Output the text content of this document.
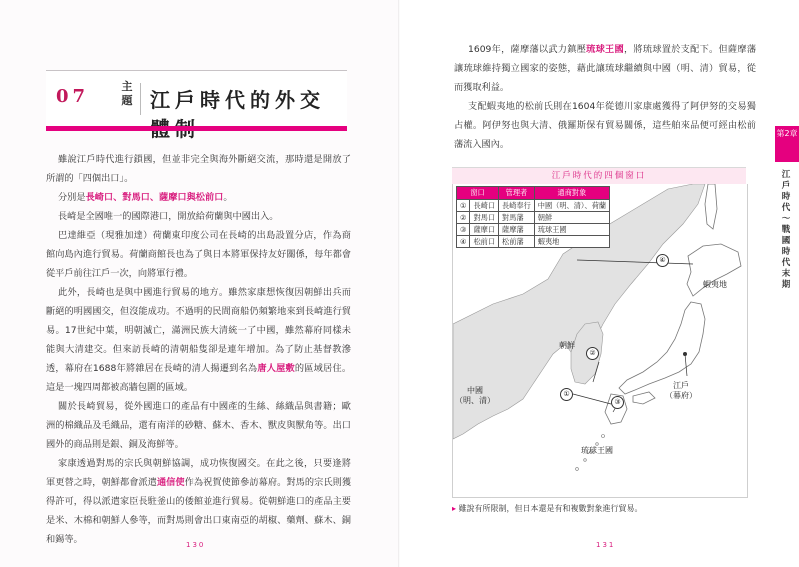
07	主題 江戶時代的外交

雖說江戶時代進行鎖國，但並非完全與海外斷絕交流，那時還是開放了所謂的「四個出口」。

分別是長崎口、對馬口、薩摩口與松前口。

長崎是全國唯一的國際港口，開放給荷蘭與中國出入。

巴達維亞（現雅加達）荷蘭東印度公司在長崎的出島設置分店，作為商館向島內進行貿易。荷蘭商館長也為了與日本將軍保持友好關係，每年都會從平戶前往江戶一次，向將軍行禮。

此外，長崎也是與中國進行貿易的地方。雖然家康想恢復因朝鮮出兵而斷絕的明國國交，但沒能成功。不過明的民間商船仍頻繁地來到長崎進行貿易。17世紀中葉，明朝滅亡，滿洲民族大清統一了中國，雖然幕府同樣未能與大清建交。但來訪長崎的清朝船隻卻是連年增加。為了防止基督教滲透，幕府在1688年將雜居在長崎的清人揚遷到名為唐人屋敷的區域居住。這是一塊四周都被高牆包圍的區域。

關於長崎貿易，從外國進口的產品有中國產的生絲、絲織品與書籍；歐洲的棉織品及毛織品，還有南洋的砂糖、蘇木、香木、獸皮與獸角等。出口國外的商品則是銀、銅及海鮮等。

家康透過對馬的宗氏與朝鮮協調，成功恢復國交。在此之後，只要逢將軍更替之時，朝鮮都會派遣通信使作為祝賀使節參訪幕府。對馬的宗氏則獲得許可，得以派遣家臣長駐釜山的倭館並進行貿易。從朝鮮進口的產品主要是米、木棉和朝鮮人參等，而對馬則會出口東南亞的胡椒、藥劑、蘇木、銅和錫等。	130

1609年，薩摩藩以武力鎮壓琉球王國，將琉球置於支配下。但薩摩藩讓琉球維持獨立國家的姿態，藉此讓琉球繼續與中國（明、清）貿易，從而獲取利益。

支配蝦夷地的松前氏則在1604年從德川家康處獲得了阿伊努的交易獨占權。阿伊努也與大清、俄羅斯保有貿易關係，這些舶來品便可經由松前藩流入國內。

第2章
江戶時代～戰國時代末期
江戶時代的四個窗口
窗口		管理者	通商對象
①	長崎口	長崎奉行	中國（明、清）、荷蘭
②	對馬口	對馬藩	朝鮮
③	薩摩口	薩摩藩	琉球王國
④	松前口	松前藩	蝦夷地
蝦夷地
朝鮮
中國
（明、清）
江戶
（幕府）
琉球王國
①
②
③
④
▸ 雖說有所限制，但日本還是有和複數對象進行貿易。
131
